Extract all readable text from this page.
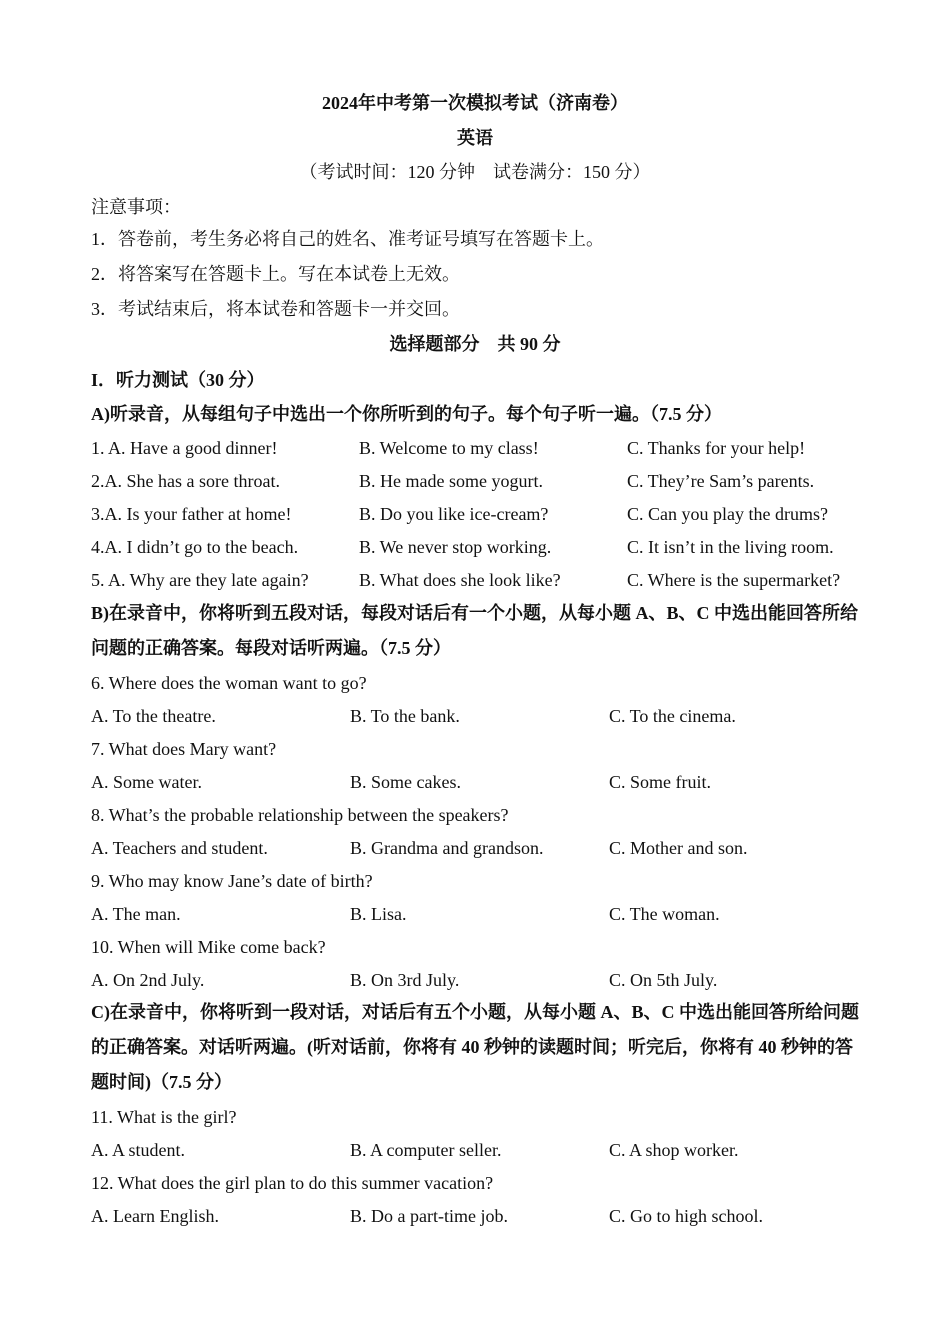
2024年中考第一次模拟考试（济南卷）
英语
（考试时间：120 分钟　试卷满分：150 分）
注意事项：
1．答卷前，考生务必将自己的姓名、准考证号填写在答题卡上。
2．将答案写在答题卡上。写在本试卷上无效。
3．考试结束后，将本试卷和答题卡一并交回。
选择题部分　共 90 分
I．听力测试（30 分）
A)听录音，从每组句子中选出一个你所听到的句子。每个句子听一遍。（7.5 分）
1. A. Have a good dinner!	B. Welcome to my class!	C. Thanks for your help!
2.A. She has a sore throat.	B. He made some yogurt.	C. They’re Sam’s parents.
3.A. Is your father at home!	B. Do you like ice-cream?	C. Can you play the drums?
4.A. I didn’t go to the beach.	B. We never stop working.	C. It isn’t in the living room.
5. A. Why are they late again?	B. What does she look like?	C. Where is the supermarket?
B)在录音中，你将听到五段对话，每段对话后有一个小题，从每小题 A、B、C 中选出能回答所给问题的正确答案。每段对话听两遍。（7.5 分）
6. Where does the woman want to go?
A. To the theatre.	B. To the bank.	C. To the cinema.
7. What does Mary want?
A. Some water.	B. Some cakes.	C. Some fruit.
8. What’s the probable relationship between the speakers?
A. Teachers and student.	B. Grandma and grandson.	C. Mother and son.
9. Who may know Jane’s date of birth?
A. The man.	B. Lisa.	C. The woman.
10. When will Mike come back?
A. On 2nd July.	B. On 3rd July.	C. On 5th July.
C)在录音中，你将听到一段对话，对话后有五个小题，从每小题 A、B、C 中选出能回答所给问题的正确答案。对话听两遍。(听对话前，你将有 40 秒钟的读题时间；听完后，你将有 40 秒钟的答题时间)（7.5 分）
11. What is the girl?
A. A student.	B. A computer seller.	C. A shop worker.
12. What does the girl plan to do this summer vacation?
A. Learn English.	B. Do a part-time job.	C. Go to high school.
